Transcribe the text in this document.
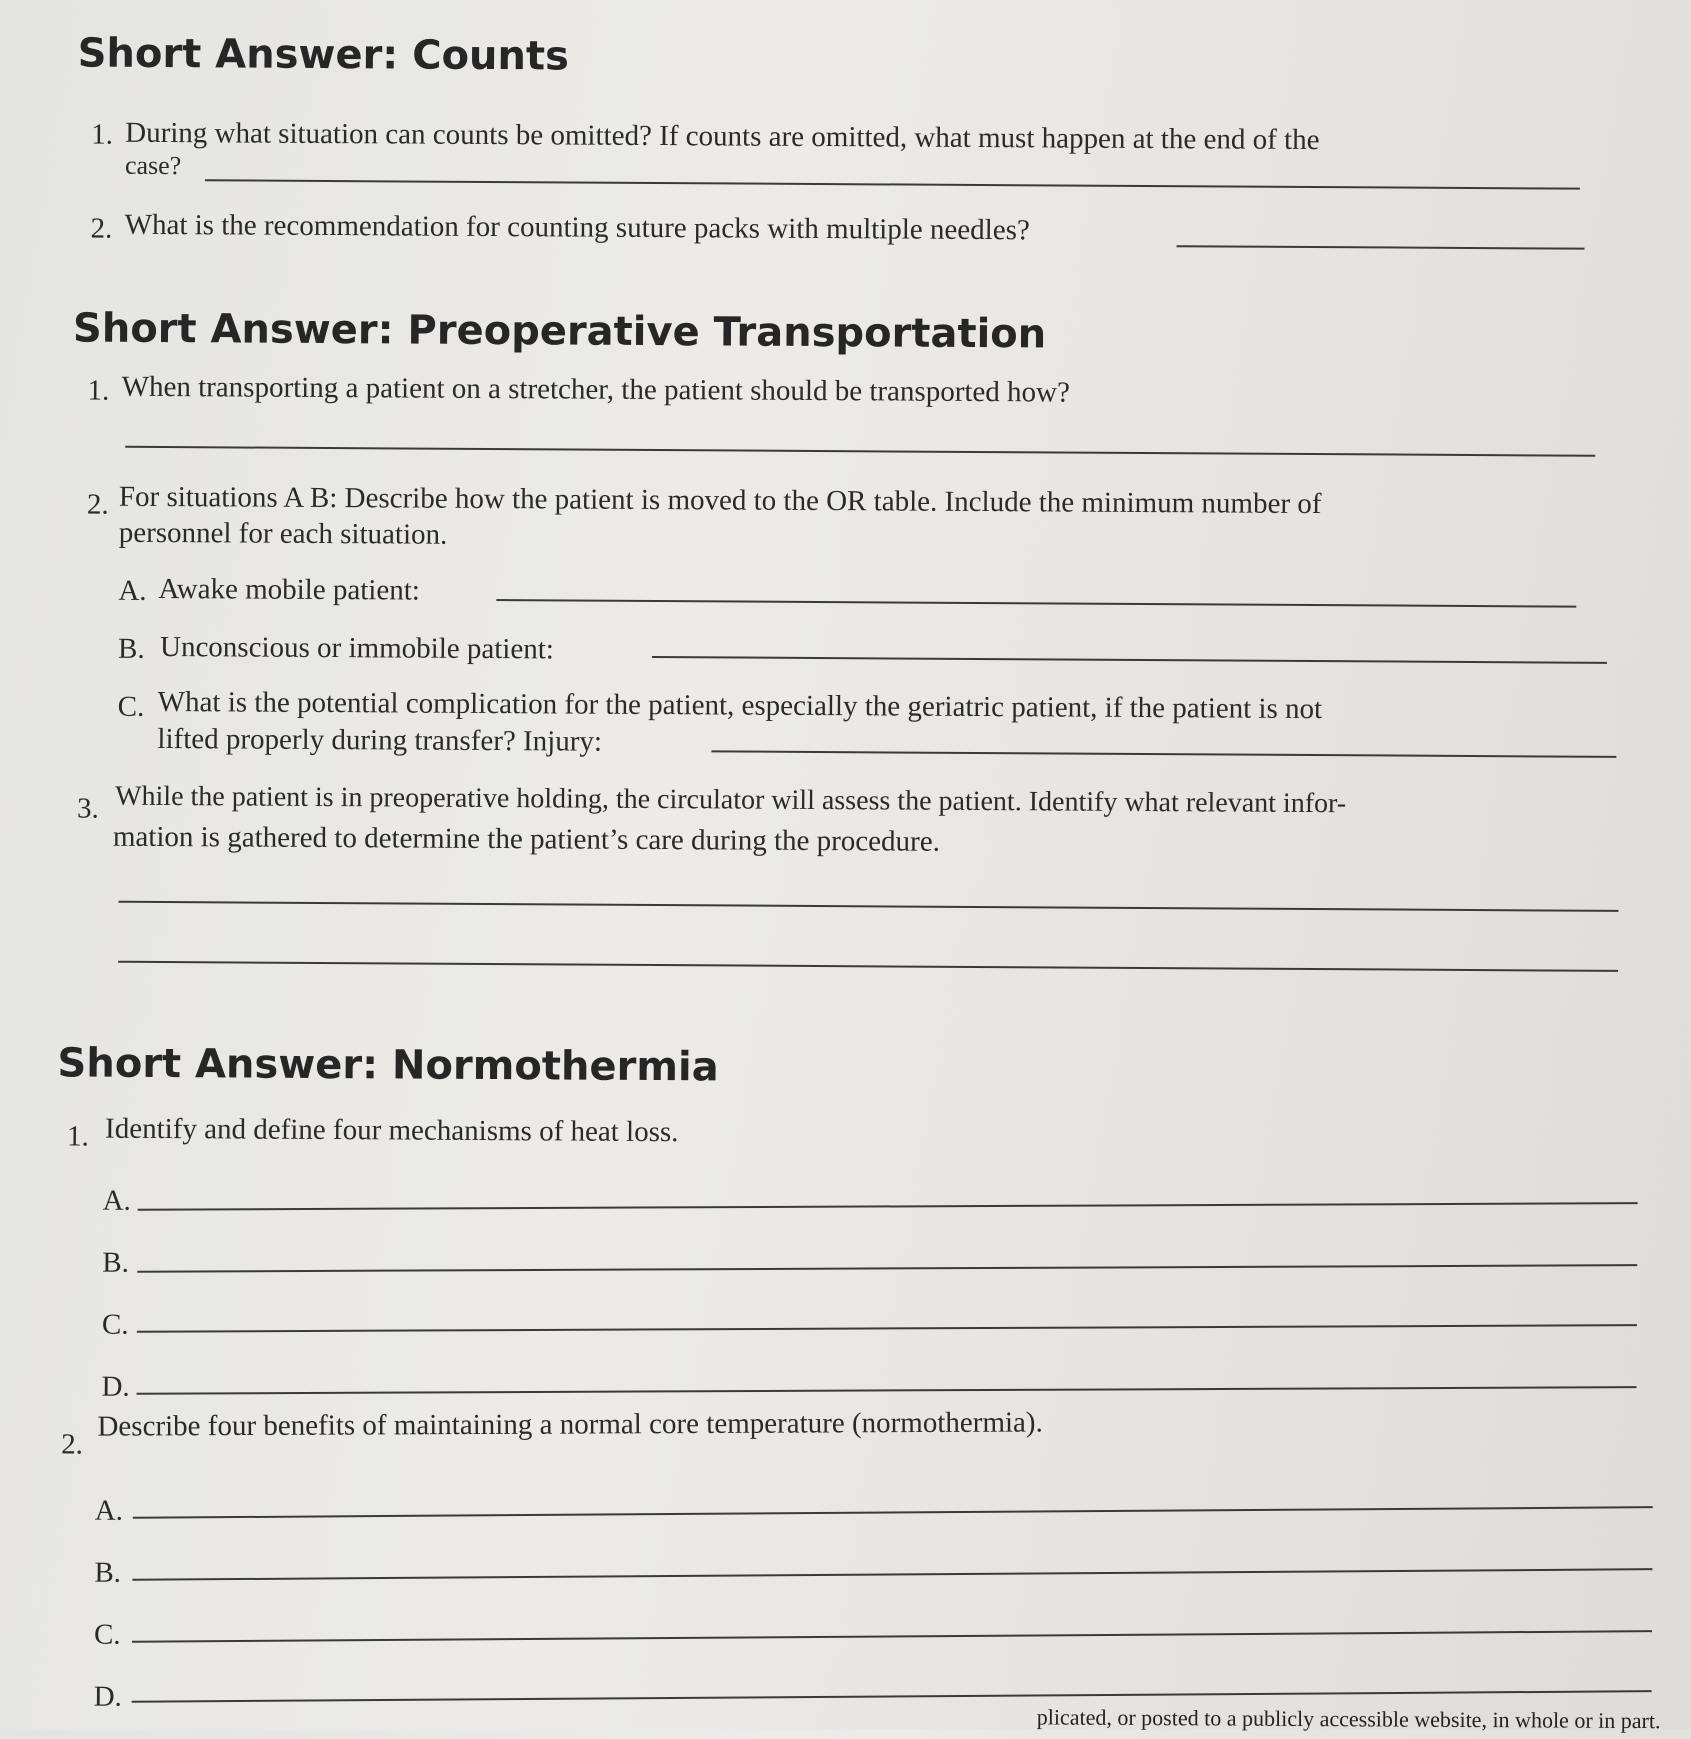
Short Answer: Counts
1. During what situation can counts be omitted? If counts are omitted, what must happen at the end of the
case?
2. What is the recommendation for counting suture packs with multiple needles?
Short Answer: Preoperative Transportation
1. When transporting a patient on a stretcher, the patient should be transported how?
2. For situations A B: Describe how the patient is moved to the OR table. Include the minimum number of
personnel for each situation.
A. Awake mobile patient:
B. Unconscious or immobile patient:
C. What is the potential complication for the patient, especially the geriatric patient, if the patient is not
lifted properly during transfer? Injury:
3. While the patient is in preoperative holding, the circulator will assess the patient. Identify what relevant infor-
mation is gathered to determine the patient’s care during the procedure.
Short Answer: Normothermia
1. Identify and define four mechanisms of heat loss.
A.
B.
C.
D.
2.
Describe four benefits of maintaining a normal core temperature (normothermia).
A.
B.
C.
D.
plicated, or posted to a publicly accessible website, in whole or in part.
